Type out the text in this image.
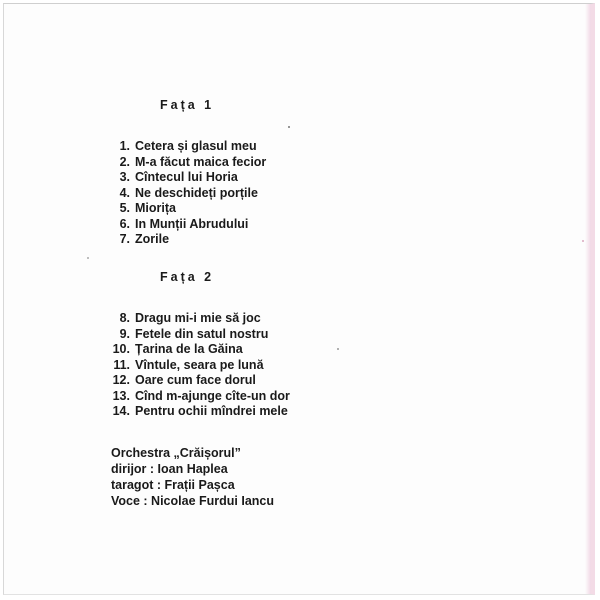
Fața 1
1. Cetera și glasul meu
2. M-a făcut maica fecior
3. Cîntecul lui Horia
4. Ne deschideți porțile
5. Miorița
6. In Munții Abrudului
7. Zorile
Fața 2
8. Dragu mi-i mie să joc
9. Fetele din satul nostru
10. Țarina de la Găina
11. Vîntule, seara pe lună
12. Oare cum face dorul
13. Cînd m-ajunge cîte-un dor
14. Pentru ochii mîndrei mele
Orchestra „Crăișorul”
dirijor : Ioan Haplea
taragot : Frații Pașca
Voce : Nicolae Furdui Iancu
